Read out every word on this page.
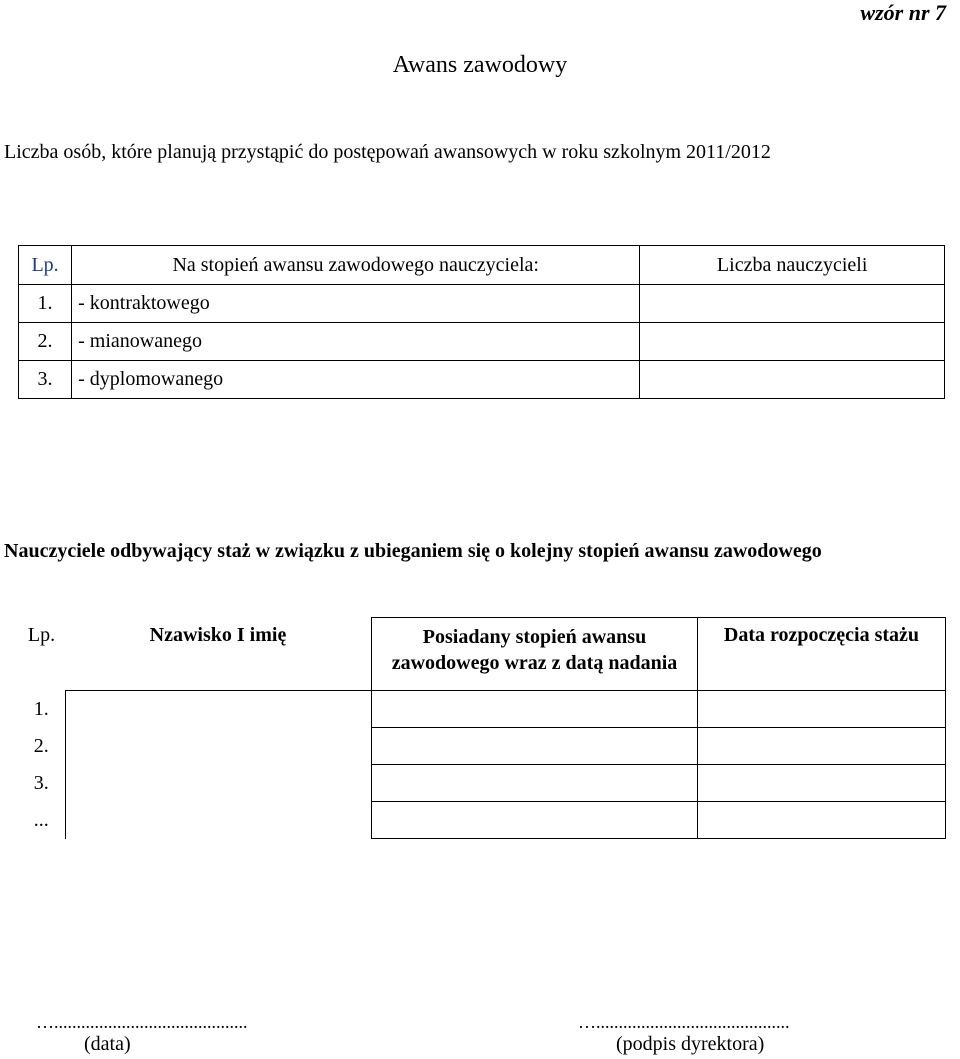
wzór nr 7
Awans zawodowy
Liczba osób, które planują przystąpić do postępowań awansowych w roku szkolnym 2011/2012
Lp.	Na stopień awansu zawodowego nauczyciela:	Liczba nauczycieli
1.	- kontraktowego	
2.	- mianowanego	
3.	- dyplomowanego	
Nauczyciele odbywający staż w związku z ubieganiem się o kolejny stopień awansu zawodowego
Lp.	Nzawisko I imię	Posiadany stopień awansu zawodowego wraz z datą nadania	Data rozpoczęcia stażu
1.			
2.			
3.			
...			
…...........................................	…...........................................
(data)	(podpis dyrektora)
